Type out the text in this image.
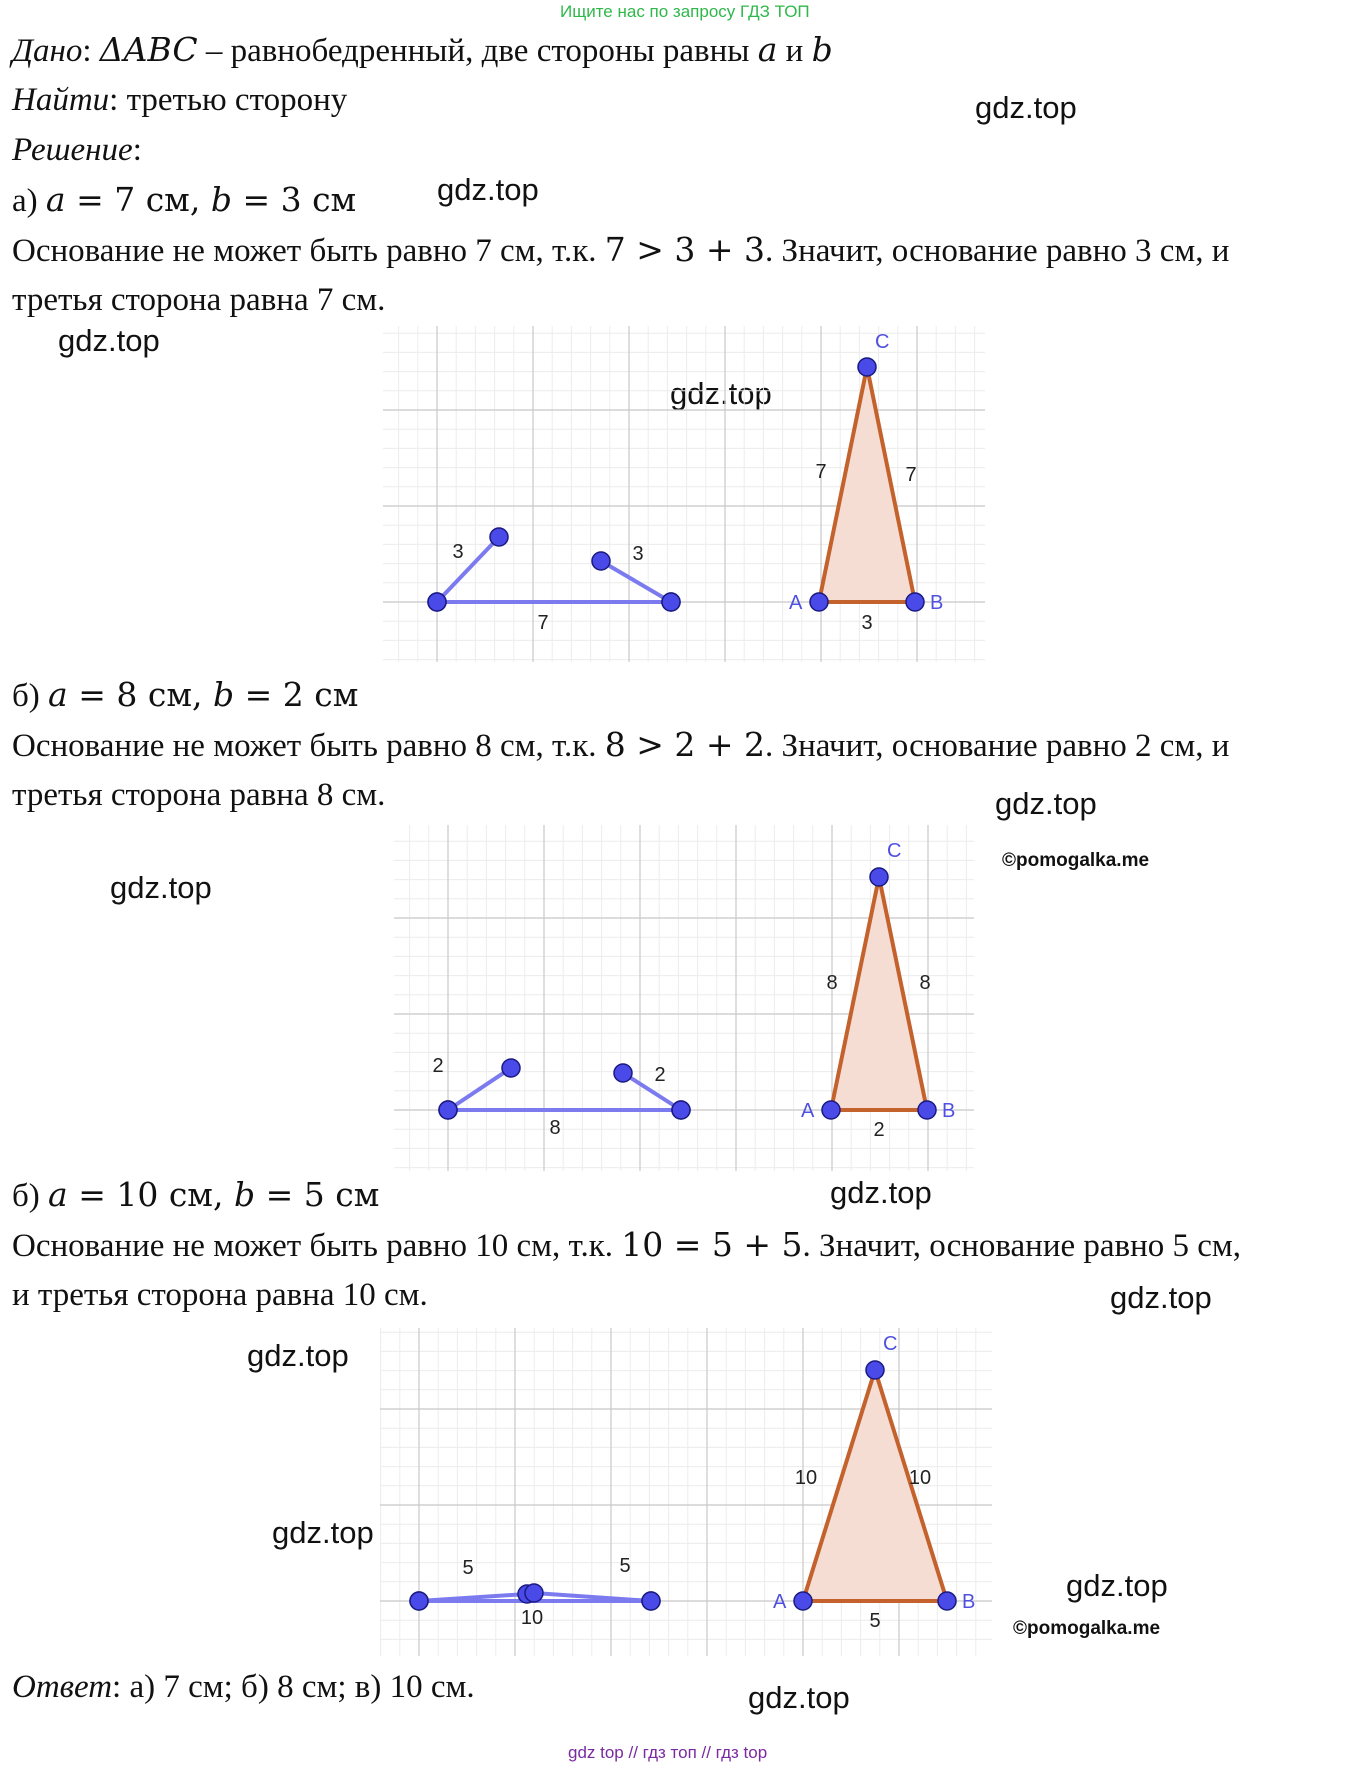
Ищите нас по запросу ГДЗ ТОП
Дано: ΔABC – равнобедренный, две стороны равны a и b
Найти: третью сторону
Решение:
а) a = 7 см, b = 3 см
Основание не может быть равно 7 см, т.к. 7 > 3 + 3. Значит, основание равно 3 см, и
третья сторона равна 7 см.
б) a = 8 см, b = 2 см
Основание не может быть равно 8 см, т.к. 8 > 2 + 2. Значит, основание равно 2 см, и
третья сторона равна 8 см.
б) a = 10 см, b = 5 см
Основание не может быть равно 10 см, т.к. 10 = 5 + 5. Значит, основание равно 5 см,
и третья сторона равна 10 см.
Ответ: а) 7 см; б) 8 см; в) 10 см.
gdz.top
gdz.top
gdz.top
gdz.top
gdz.top
gdz.top
gdz.top
gdz.top
gdz.top
gdz.top
gdz.top
gdz.top
©pomogalka.me
©pomogalka.me
gdz top // гдз топ // гдз top
3
7
3
A	B
C
7	7
3
2
8
2
A	B
C
8	8
2
5
10
5
A	B
C
10	10
5
